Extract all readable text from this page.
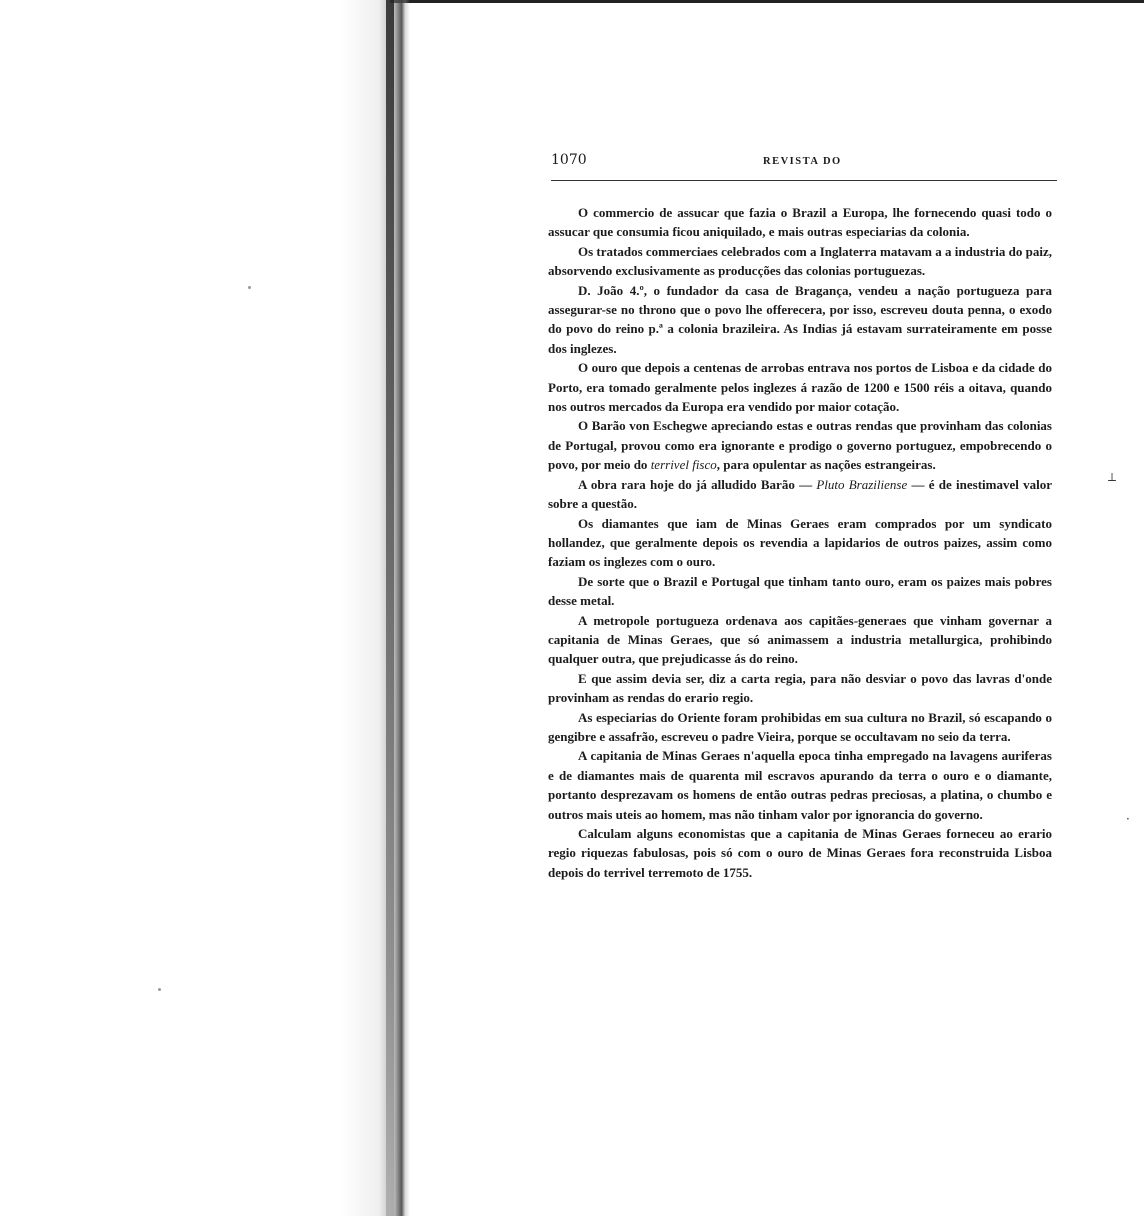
1070	REVISTA DO

O commercio de assucar que fazia o Brazil a Europa, lhe fornecendo quasi todo o assucar que consumia ficou aniquilado, e mais outras especiarias da colonia.

Os tratados commerciaes celebrados com a Inglaterra matavam a a industria do paiz, absorvendo exclusivamente as producções das colonias portuguezas.

D. João 4.º, o fundador da casa de Bragança, vendeu a nação portugueza para assegurar-se no throno que o povo lhe offerecera, por isso, escreveu douta penna, o exodo do povo do reino p.ª a colonia brazileira. As Indias já estavam surrateiramente em posse dos inglezes.

O ouro que depois a centenas de arrobas entrava nos portos de Lisboa e da cidade do Porto, era tomado geralmente pelos inglezes á razão de 1200 e 1500 réis a oitava, quando nos outros mercados da Europa era vendido por maior cotação.

O Barão von Eschegwe apreciando estas e outras rendas que provinham das colonias de Portugal, provou como era ignorante e prodigo o governo portuguez, empobrecendo o povo, por meio do terrivel fisco, para opulentar as nações estrangeiras.

A obra rara hoje do já alludido Barão — Pluto Braziliense — é de inestimavel valor sobre a questão.

Os diamantes que iam de Minas Geraes eram comprados por um syndicato hollandez, que geralmente depois os revendia a lapidarios de outros paizes, assim como faziam os inglezes com o ouro.

De sorte que o Brazil e Portugal que tinham tanto ouro, eram os paizes mais pobres desse metal.

A metropole portugueza ordenava aos capitães-generaes que vinham governar a capitania de Minas Geraes, que só animassem a industria metallurgica, prohibindo qualquer outra, que prejudicasse ás do reino.

E que assim devia ser, diz a carta regia, para não desviar o povo das lavras d'onde provinham as rendas do erario regio.

As especiarias do Oriente foram prohibidas em sua cultura no Brazil, só escapando o gengibre e assafrão, escreveu o padre Vieira, porque se occultavam no seio da terra.

A capitania de Minas Geraes n'aquella epoca tinha empregado na lavagens auriferas e de diamantes mais de quarenta mil escravos apurando da terra o ouro e o diamante, portanto desprezavam os homens de então outras pedras preciosas, a platina, o chumbo e outros mais uteis ao homem, mas não tinham valor por ignorancia do governo.

Calculam alguns economistas que a capitania de Minas Geraes forneceu ao erario regio riquezas fabulosas, pois só com o ouro de Minas Geraes fora reconstruida Lisboa depois do terrivel terremoto de 1755.

⟂
·
